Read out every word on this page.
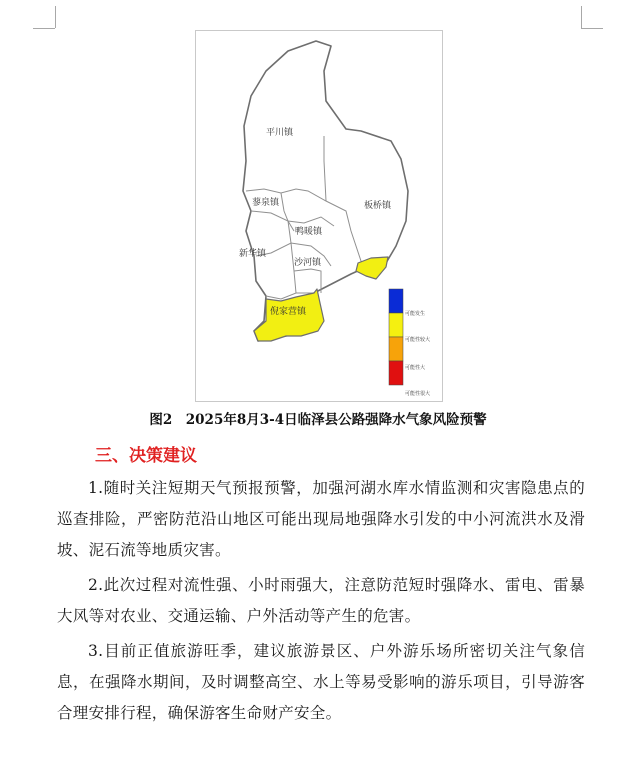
平川镇
蓼泉镇	板桥镇
鸭暖镇
新华镇
沙河镇
倪家营镇	可能发生
可能性较大
可能性大
可能性很大
图2　2025年8月3-4日临泽县公路强降水气象风险预警
三、决策建议
1.随时关注短期天气预报预警，加强河湖水库水情监测和灾害隐患点的巡查排险，严密防范沿山地区可能出现局地强降水引发的中小河流洪水及滑坡、泥石流等地质灾害。
2.此次过程对流性强、小时雨强大，注意防范短时强降水、雷电、雷暴大风等对农业、交通运输、户外活动等产生的危害。
3.目前正值旅游旺季，建议旅游景区、户外游乐场所密切关注气象信息，在强降水期间，及时调整高空、水上等易受影响的游乐项目，引导游客合理安排行程，确保游客生命财产安全。
